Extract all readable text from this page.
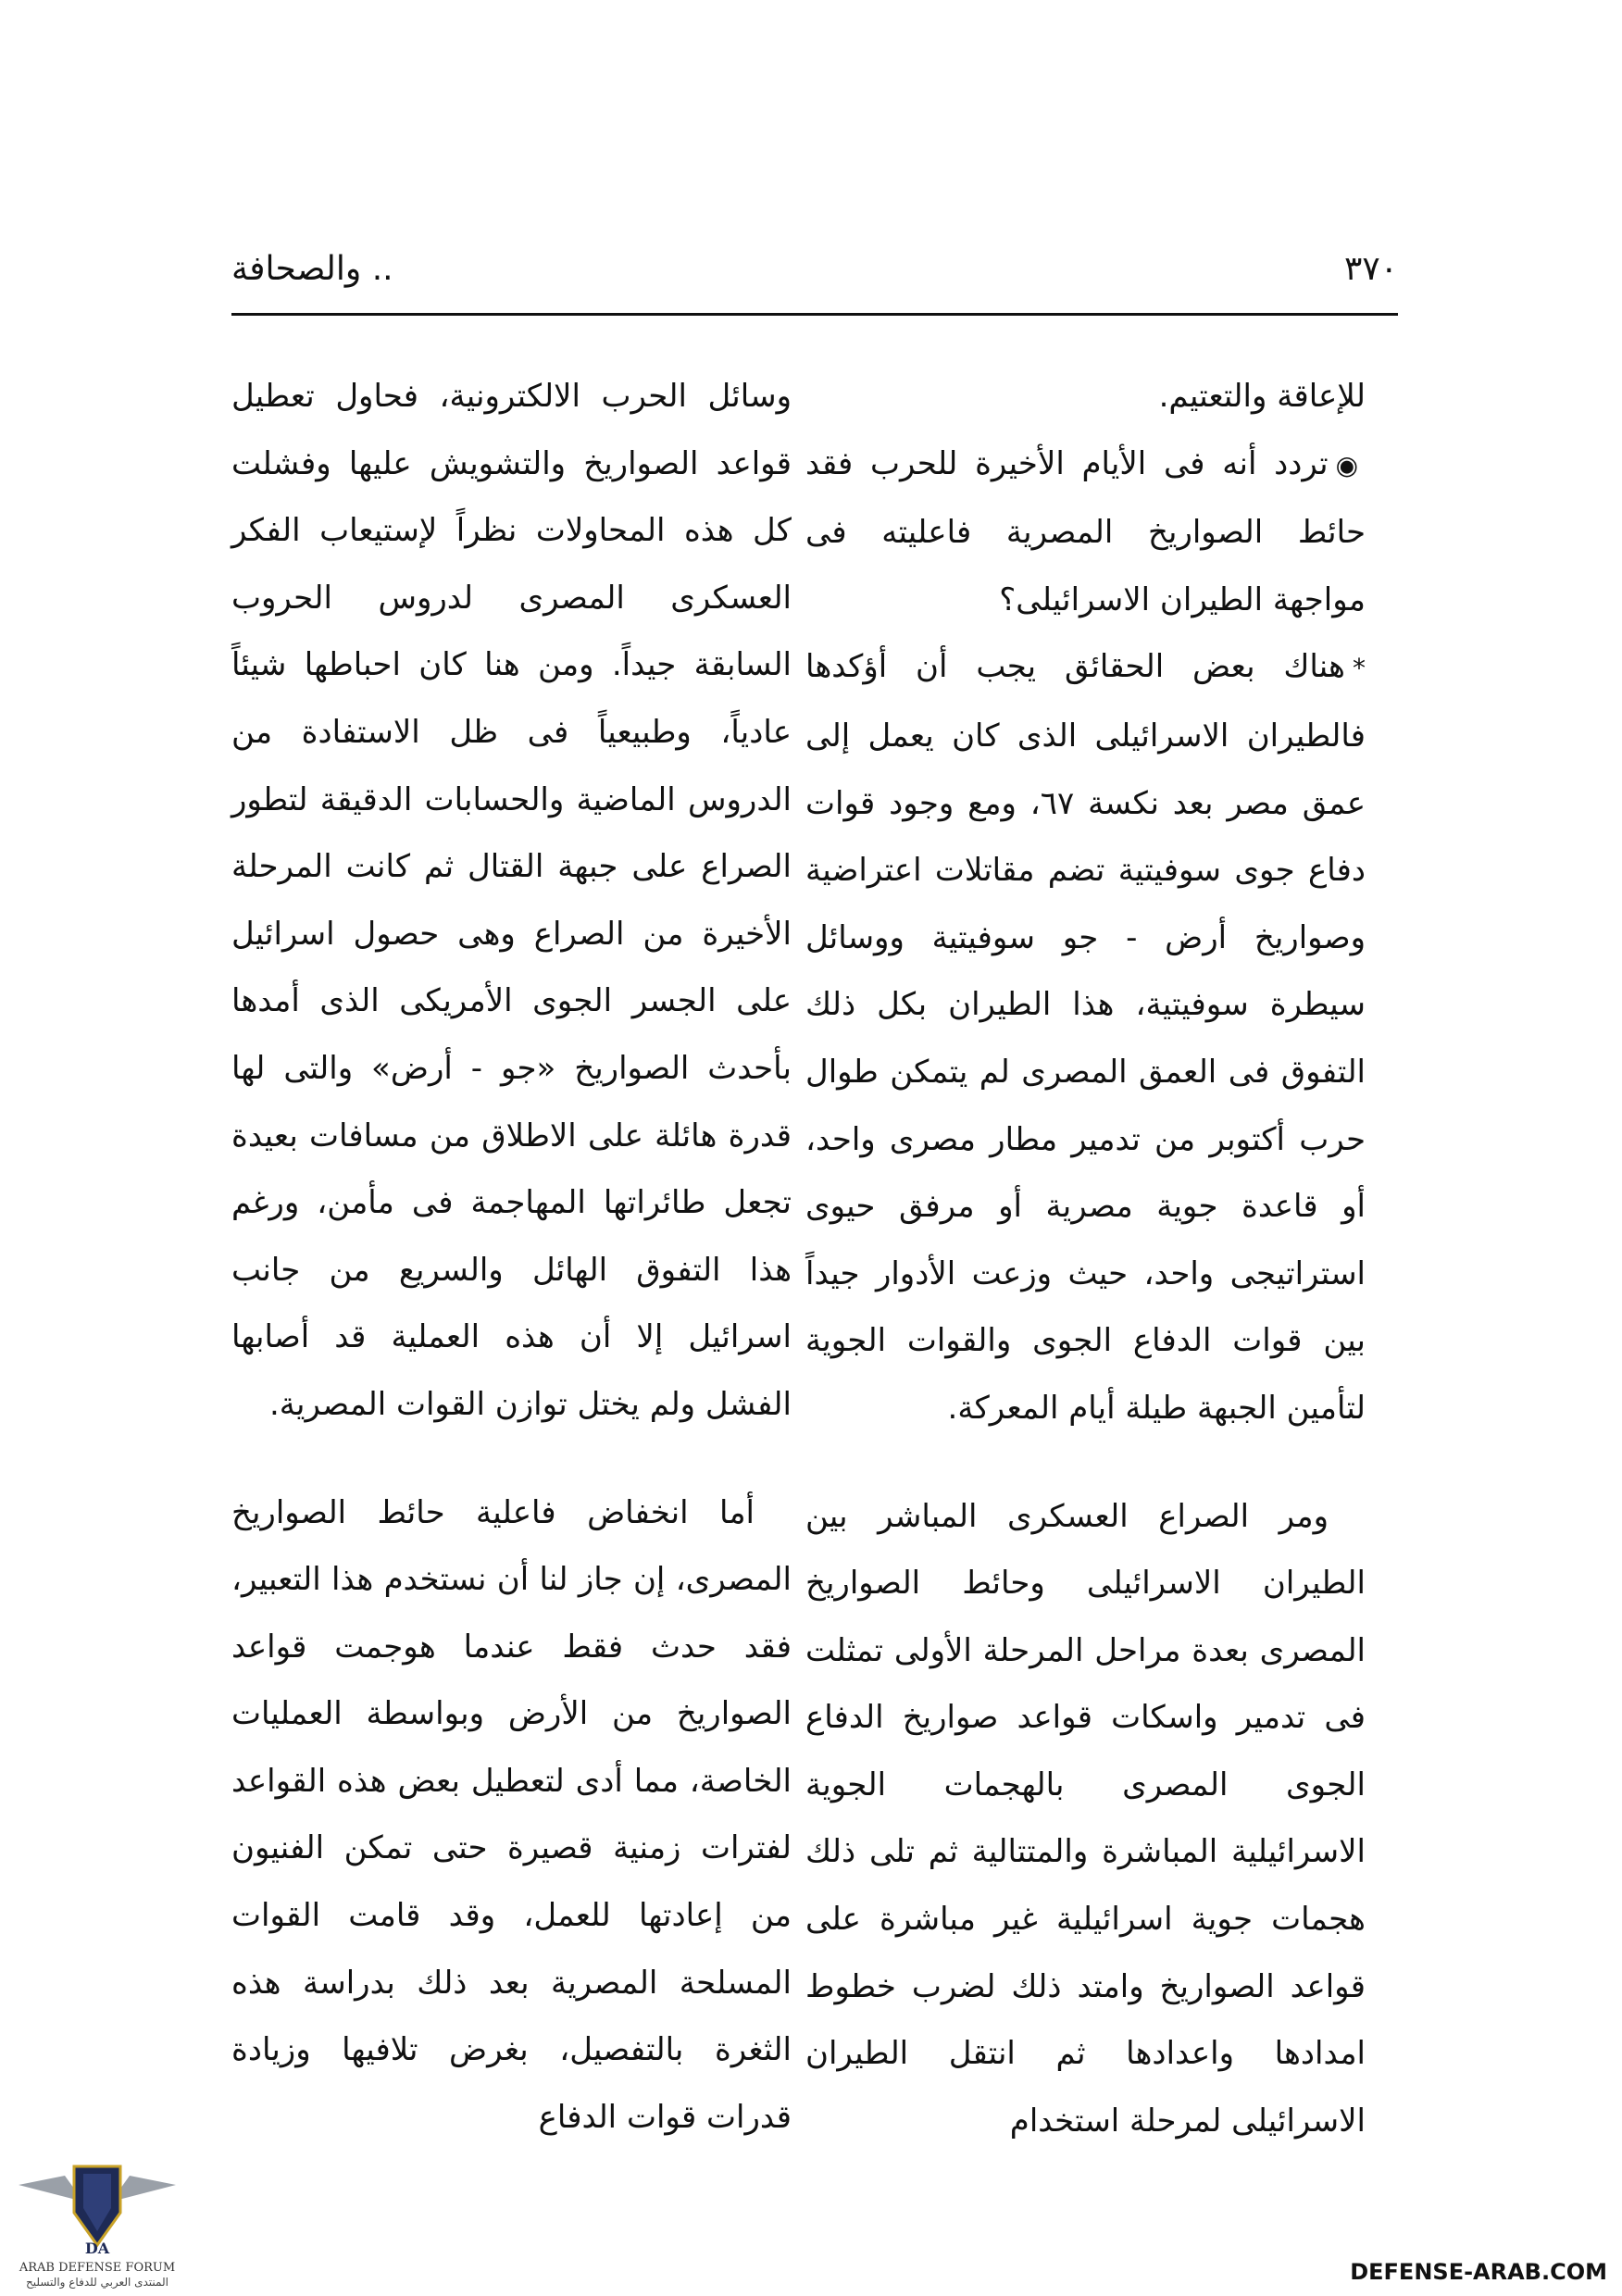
٣٧٠
.. والصحافة

للإعاقة والتعتيم.

◉تردد أنه فى الأيام الأخيرة للحرب فقد حائط الصواريخ المصرية فاعليته فى مواجهة الطيران الاسرائيلى؟

*هناك بعض الحقائق يجب أن أؤكدها فالطيران الاسرائيلى الذى كان يعمل إلى عمق مصر بعد نكسة ٦٧، ومع وجود قوات دفاع جوى سوفيتية تضم مقاتلات اعتراضية وصواريخ أرض - جو سوفيتية ووسائل سيطرة سوفيتية، هذا الطيران بكل ذلك التفوق فى العمق المصرى لم يتمكن طوال حرب أكتوبر من تدمير مطار مصرى واحد، أو قاعدة جوية مصرية أو مرفق حيوى استراتيجى واحد، حيث وزعت الأدوار جيداً بين قوات الدفاع الجوى والقوات الجوية لتأمين الجبهة طيلة أيام المعركة.

ومر الصراع العسكرى المباشر بين الطيران الاسرائيلى وحائط الصواريخ المصرى بعدة مراحل المرحلة الأولى تمثلت فى تدمير واسكات قواعد صواريخ الدفاع الجوى المصرى بالهجمات الجوية الاسرائيلية المباشرة والمتتالية ثم تلى ذلك هجمات جوية اسرائيلية غير مباشرة على قواعد الصواريخ وامتد ذلك لضرب خطوط امدادها واعدادها ثم انتقل الطيران الاسرائيلى لمرحلة استخدام

وسائل الحرب الالكترونية، فحاول تعطيل قواعد الصواريخ والتشويش عليها وفشلت كل هذه المحاولات نظراً لإستيعاب الفكر العسكرى المصرى لدروس الحروب السابقة جيداً. ومن هنا كان احباطها شيئاً عادياً، وطبيعياً فى ظل الاستفادة من الدروس الماضية والحسابات الدقيقة لتطور الصراع على جبهة القتال ثم كانت المرحلة الأخيرة من الصراع وهى حصول اسرائيل على الجسر الجوى الأمريكى الذى أمدها بأحدث الصواريخ «جو - أرض» والتى لها قدرة هائلة على الاطلاق من مسافات بعيدة تجعل طائراتها المهاجمة فى مأمن، ورغم هذا التفوق الهائل والسريع من جانب اسرائيل إلا أن هذه العملية قد أصابها الفشل ولم يختل توازن القوات المصرية.

أما انخفاض فاعلية حائط الصواريخ المصرى، إن جاز لنا أن نستخدم هذا التعبير، فقد حدث فقط عندما هوجمت قواعد الصواريخ من الأرض وبواسطة العمليات الخاصة، مما أدى لتعطيل بعض هذه القواعد لفترات زمنية قصيرة حتى تمكن الفنيون من إعادتها للعمل، وقد قامت القوات المسلحة المصرية بعد ذلك بدراسة هذه الثغرة بالتفصيل، بغرض تلافيها وزيادة قدرات قوات الدفاع

DA
ARAB DEFENSE FORUM
المنتدى العربي للدفاع والتسليح	DEFENSE-ARAB.COM
